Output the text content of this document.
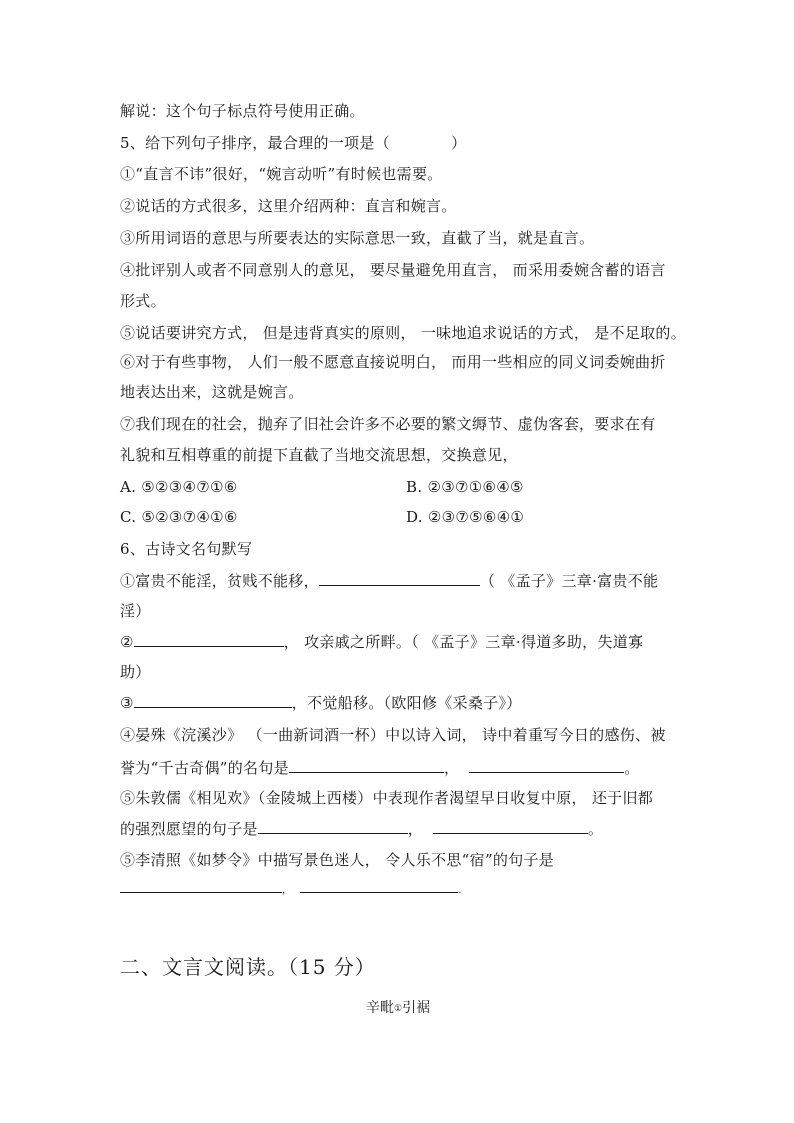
解说：这个句子标点符号使用正确。
5、给下列句子排序，最合理的一项是（　　　　）
①“直言不讳”很好，“婉言动听”有时候也需要。
②说话的方式很多，这里介绍两种：直言和婉言。
③所用词语的意思与所要表达的实际意思一致，直截了当，就是直言。
④批评别人或者不同意别人的意见， 要尽量避免用直言， 而采用委婉含蓄的语言
形式。
⑤说话要讲究方式， 但是违背真实的原则， 一味地追求说话的方式， 是不足取的。
⑥对于有些事物， 人们一般不愿意直接说明白， 而用一些相应的同义词委婉曲折
地表达出来，这就是婉言。
⑦我们现在的社会，抛弃了旧社会许多不必要的繁文缛节、虚伪客套，要求在有
礼貌和互相尊重的前提下直截了当地交流思想，交换意见，
A. ⑤②③④⑦①⑥	B. ②③⑦①⑥④⑤
C. ⑤②③⑦④①⑥	D. ②③⑦⑤⑥④①
6、古诗文名句默写
①富贵不能淫，贫贱不能移，	（ 《孟子》三章·富贵不能
淫）
②	， 攻亲戚之所畔。（ 《孟子》三章·得道多助，失道寡
助）
③	，不觉船移。（欧阳修《采桑子》）
④晏殊《浣溪沙》 （一曲新词酒一杯）中以诗入词， 诗中着重写今日的感伤、被
誉为“千古奇偶”的名句是	，	。
⑤朱敦儒《相见欢》（金陵城上西楼）中表现作者渴望早日收复中原， 还于旧都
的强烈愿望的句子是	，	。
⑤李清照《如梦令》中描写景色迷人， 令人乐不思“宿”的句子是
，	.
二、文言文阅读。（15 分）
辛毗①引裾
